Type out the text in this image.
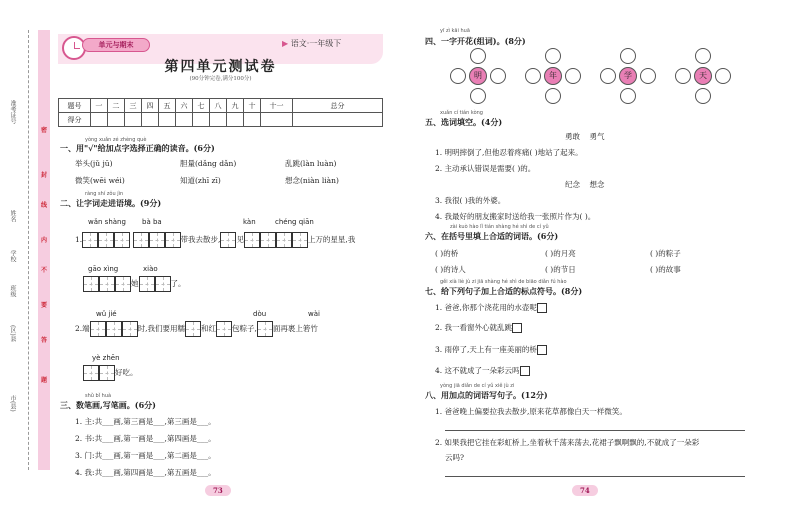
准考证号
姓名
学校
班级
(区)县
市(县)
密
封
线
内
不
要
答
题
单元与期末	▶ 语文·一年级下
第四单元测试卷
(90分钟完卷,满分100分)
题号	一	二	三	四	五	六	七	八	九	十	十一	总分
得分												
yòng xuǎn zé zhèng què
一、用"√"给加点字选择正确的读音。(6分)
举头(jǔ jū)	胆量(dǎng dǎn)	乱跳(làn luàn)
微笑(wēi wéi)	知道(zhī zī)	想念(niàn liàn)
ràng shí zǒu jìn
二、让字词走进语境。(9分)
wǎn shàng bà ba	kàn	chéng qiān
1.	带我去散步, 见	上万的星星,我
gāo xìng	xiào
她	了。
wǔ jié	dòu	wài
2.端	时,我们要用糯 和红 包粽子, 面再裹上箬竹
yè zhēn
好吃。
shǔ bǐ huà
三、数笔画,写笔画。(6分)
1. 主:共___画,第三画是___,第三画是___。
2. 书:共___画,第一画是___,第四画是___。
3. 门:共___画,第一画是___,第二画是___。
4. 我:共___画,第四画是___,第五画是___。
73
yī zì kāi huā
四、一字开花(组词)。(8分)
明	年	学	天
xuǎn cí tián kòng
五、选词填空。(4分)
勇敢    勇气
1. 明明摔倒了,但他忍着疼痛( )地站了起来。
2. 主动承认错误是需要( )的。
纪念    想念
3. 我很( )我的外婆。
4. 我最好的朋友搬家时送给我一张照片作为( )。
zài kuò hào lǐ tián shàng hé shì de cí yǔ
六、在括号里填上合适的词语。(6分)
( )的桥	( )的月亮	( )的粽子
( )的诗人	( )的节日	( )的故事
gěi xià liè jù zi jiā shàng hé shì de biāo diǎn fú hào
七、给下列句子加上合适的标点符号。(8分)
1. 爸爸,你那个浇花用的水壶呢
2. 我一看窗外心就乱跳
3. 雨停了,天上有一座美丽的桥
4. 这不就成了一朵彩云吗
yòng jiā diǎn de cí yǔ xiě jù zi
八、用加点的词语写句子。(12分)
1. 爸爸晚上偏要拉我去散步,原来花草都像白天一样微笑。
2. 如果我把它挂在彩虹桥上,坐着秋千荡来荡去,花裙子飘啊飘的,不就成了一朵彩
云吗?
74
